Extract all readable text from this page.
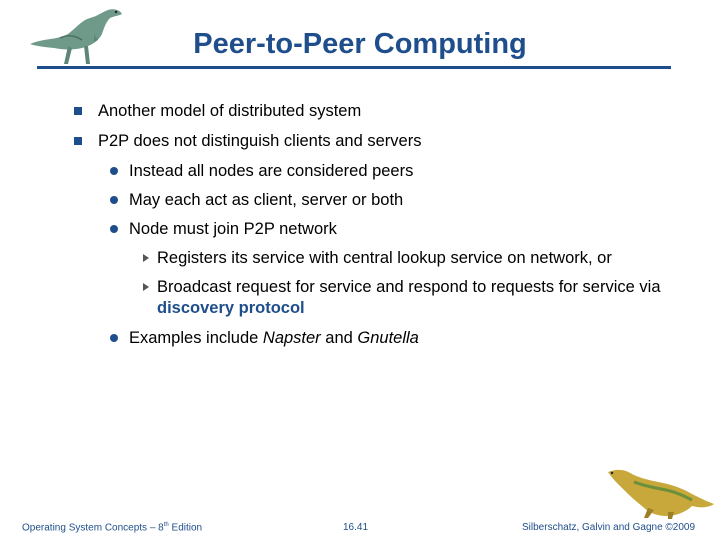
Peer-to-Peer Computing
Another model of distributed system
P2P does not distinguish clients and servers
Instead all nodes are considered peers
May each act as client, server or both
Node must join P2P network
Registers its service with central lookup service on network, or
Broadcast request for service and respond to requests for service via
discovery protocol
Examples include Napster and Gnutella
Operating System Concepts – 8th Edition	16.41	Silberschatz, Galvin and Gagne ©2009
